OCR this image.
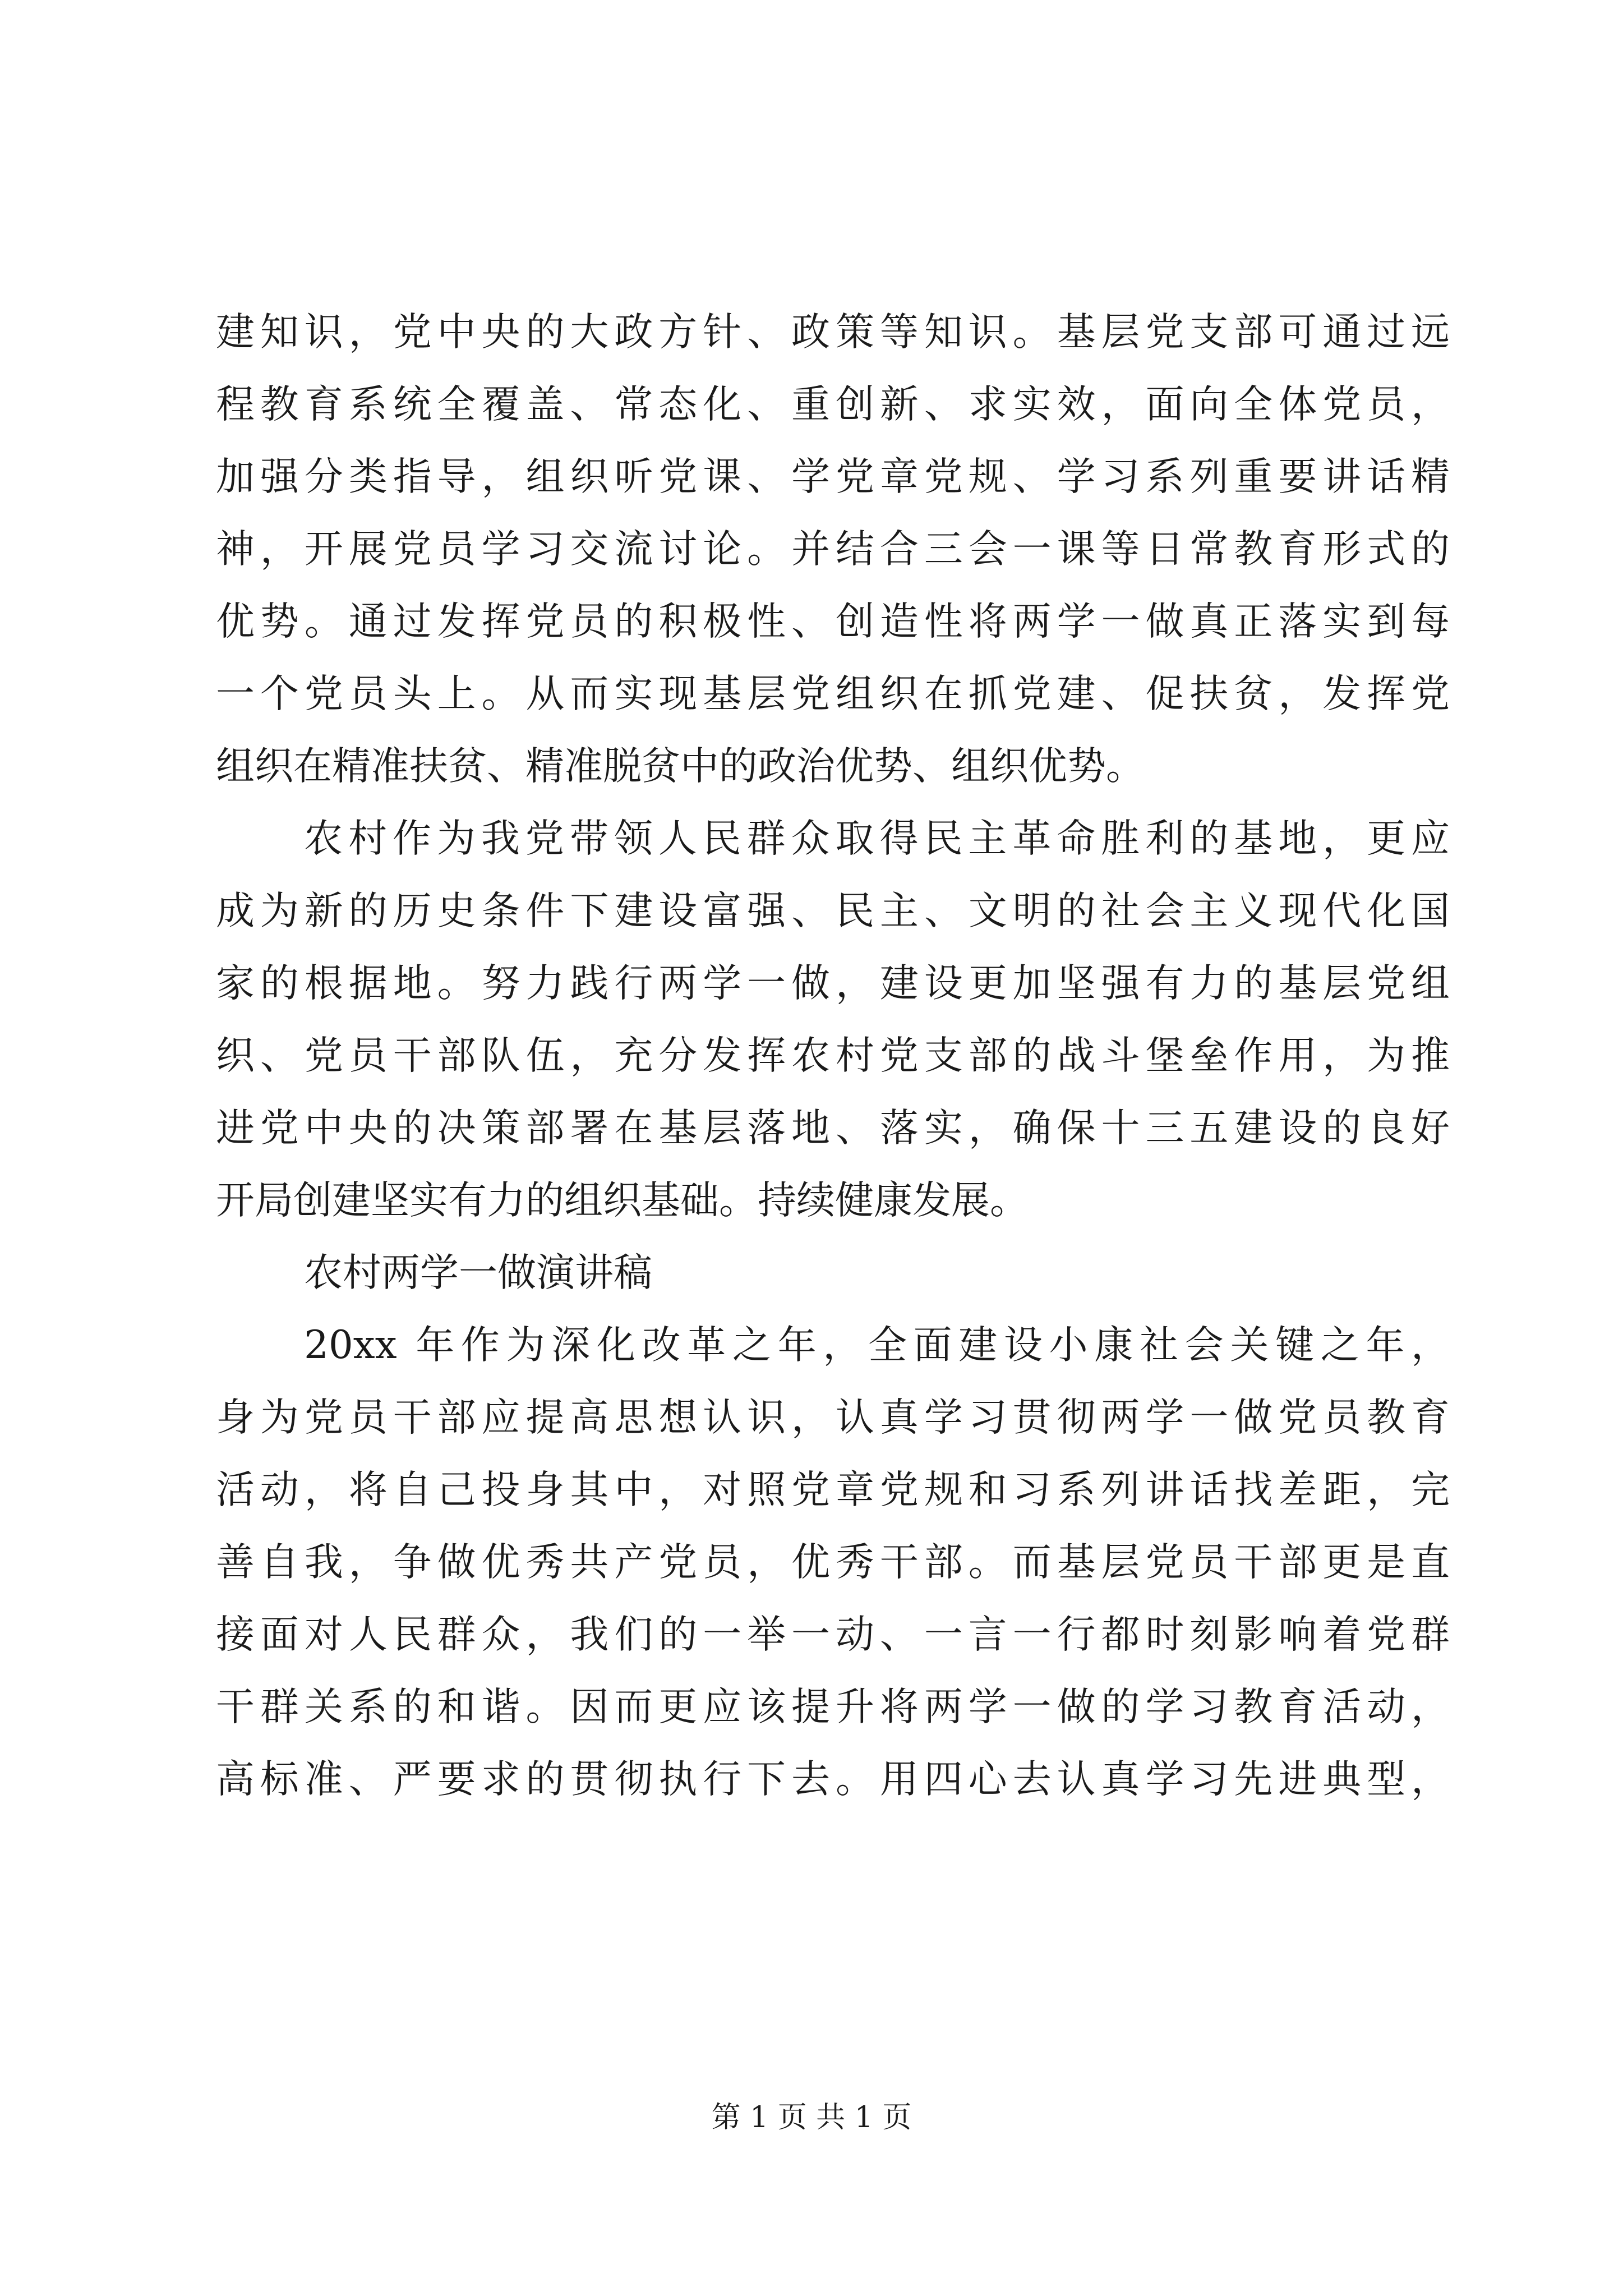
建知识，党中央的大政方针、政策等知识。基层党支部可通过远
程教育系统全覆盖、常态化、重创新、求实效，面向全体党员，
加强分类指导，组织听党课、学党章党规、学习系列重要讲话精
神，开展党员学习交流讨论。并结合三会一课等日常教育形式的
优势。通过发挥党员的积极性、创造性将两学一做真正落实到每
一个党员头上。从而实现基层党组织在抓党建、促扶贫，发挥党
组织在精准扶贫、精准脱贫中的政治优势、组织优势。
农村作为我党带领人民群众取得民主革命胜利的基地，更应
成为新的历史条件下建设富强、民主、文明的社会主义现代化国
家的根据地。努力践行两学一做，建设更加坚强有力的基层党组
织、党员干部队伍，充分发挥农村党支部的战斗堡垒作用，为推
进党中央的决策部署在基层落地、落实，确保十三五建设的良好
开局创建坚实有力的组织基础。持续健康发展。
农村两学一做演讲稿
20xx 年作为深化改革之年，全面建设小康社会关键之年，
身为党员干部应提高思想认识，认真学习贯彻两学一做党员教育
活动，将自己投身其中，对照党章党规和习系列讲话找差距，完
善自我，争做优秀共产党员，优秀干部。而基层党员干部更是直
接面对人民群众，我们的一举一动、一言一行都时刻影响着党群
干群关系的和谐。因而更应该提升将两学一做的学习教育活动，
高标准、严要求的贯彻执行下去。用四心去认真学习先进典型，
第 1 页 共 1 页
